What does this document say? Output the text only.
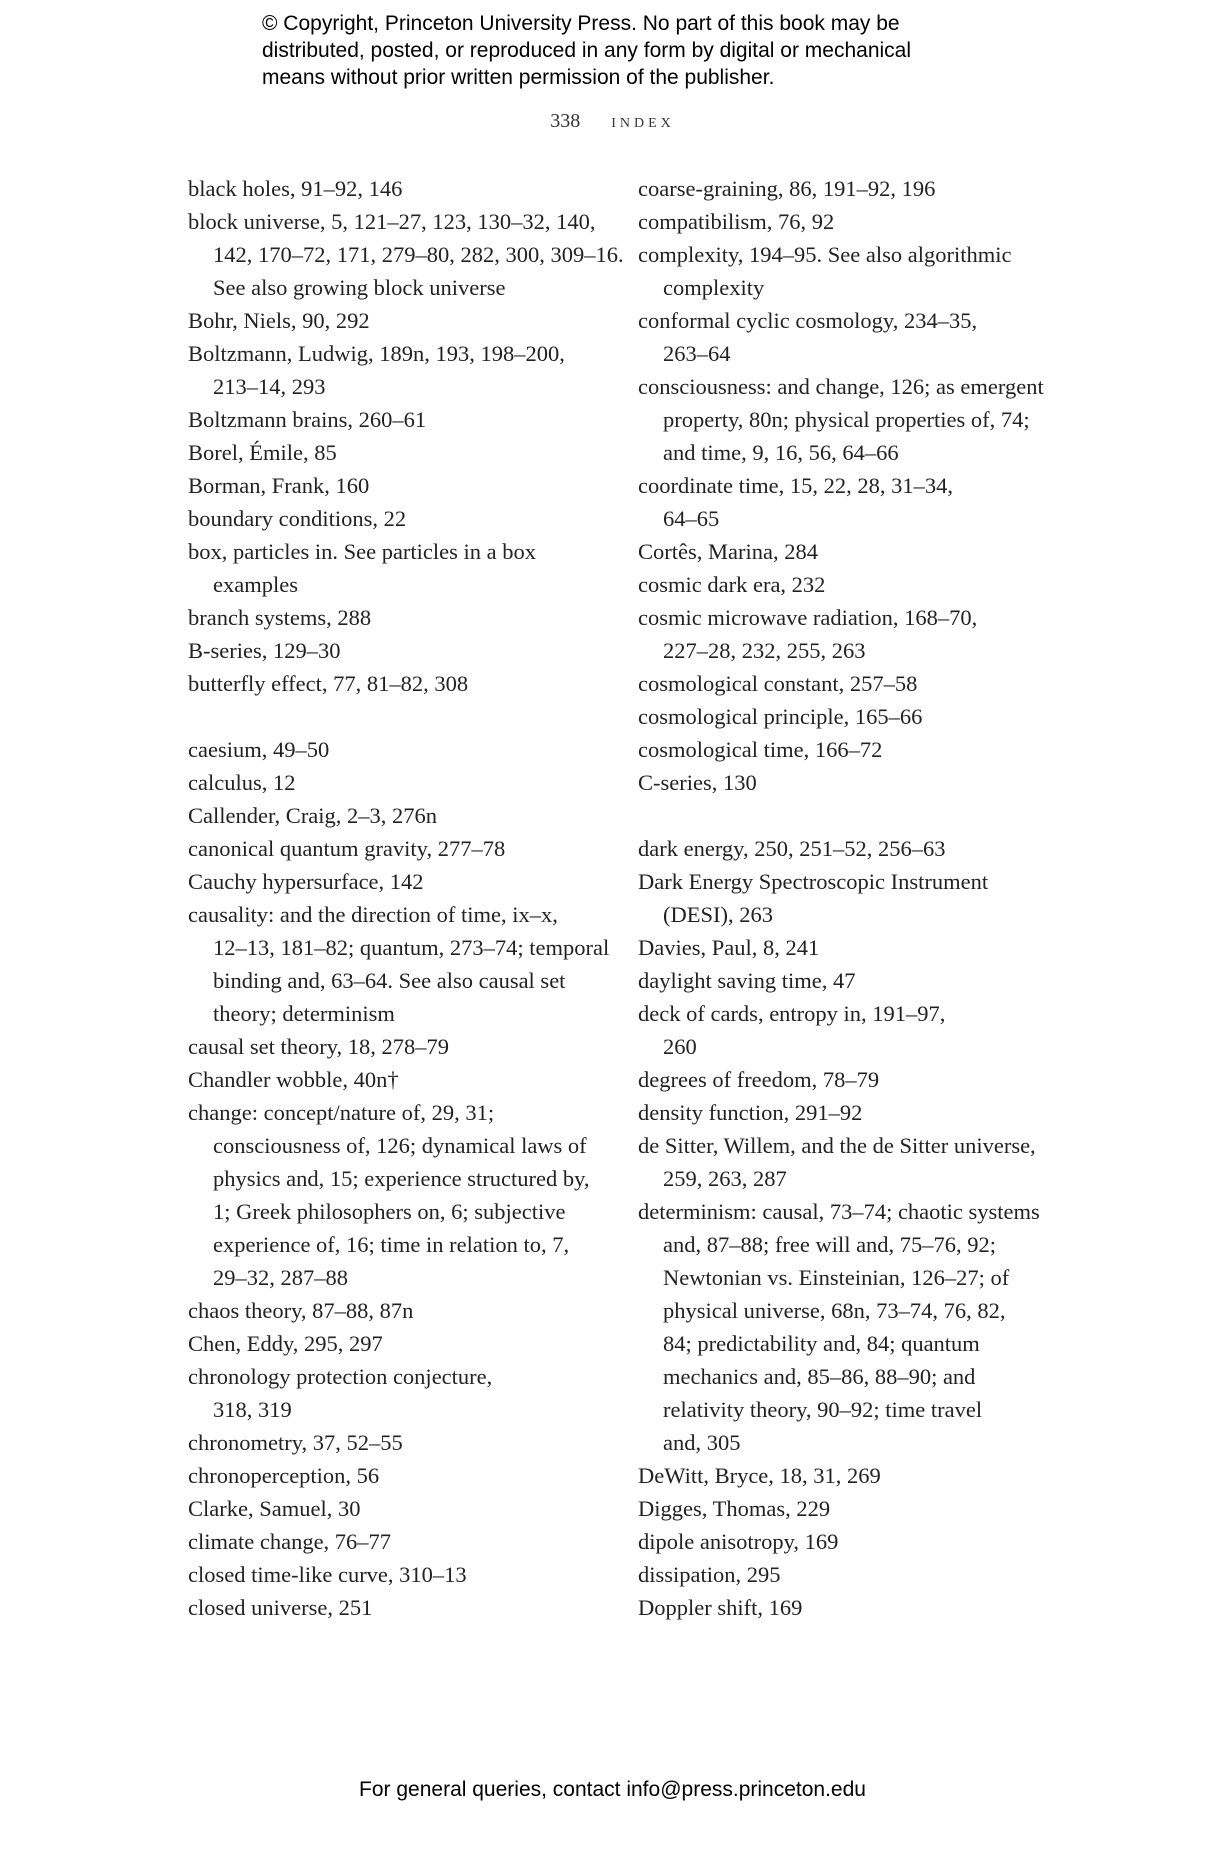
© Copyright, Princeton University Press. No part of this book may be
distributed, posted, or reproduced in any form by digital or mechanical
means without prior written permission of the publisher.
338 index
black holes, 91–92, 146
block universe, 5, 121–27, 123, 130–32, 140,
142, 170–72, 171, 279–80, 282, 300, 309–16.
See also growing block universe
Bohr, Niels, 90, 292
Boltzmann, Ludwig, 189n, 193, 198–200,
213–14, 293
Boltzmann brains, 260–61
Borel, Émile, 85
Borman, Frank, 160
boundary conditions, 22
box, particles in. See particles in a box
examples
branch systems, 288
B-series, 129–30
butterfly effect, 77, 81–82, 308
caesium, 49–50
calculus, 12
Callender, Craig, 2–3, 276n
canonical quantum gravity, 277–78
Cauchy hypersurface, 142
causality: and the direction of time, ix–x,
12–13, 181–82; quantum, 273–74; temporal
binding and, 63–64. See also causal set
theory; determinism
causal set theory, 18, 278–79
Chandler wobble, 40n†
change: concept/nature of, 29, 31;
consciousness of, 126; dynamical laws of
physics and, 15; experience structured by,
1; Greek philosophers on, 6; subjective
experience of, 16; time in relation to, 7,
29–32, 287–88
chaos theory, 87–88, 87n
Chen, Eddy, 295, 297
chronology protection conjecture,
318, 319
chronometry, 37, 52–55
chronoperception, 56
Clarke, Samuel, 30
climate change, 76–77
closed time-like curve, 310–13
closed universe, 251
coarse-graining, 86, 191–92, 196
compatibilism, 76, 92
complexity, 194–95. See also algorithmic
complexity
conformal cyclic cosmology, 234–35,
263–64
consciousness: and change, 126; as emergent
property, 80n; physical properties of, 74;
and time, 9, 16, 56, 64–66
coordinate time, 15, 22, 28, 31–34,
64–65
Cortês, Marina, 284
cosmic dark era, 232
cosmic microwave radiation, 168–70,
227–28, 232, 255, 263
cosmological constant, 257–58
cosmological principle, 165–66
cosmological time, 166–72
C-series, 130
dark energy, 250, 251–52, 256–63
Dark Energy Spectroscopic Instrument
(DESI), 263
Davies, Paul, 8, 241
daylight saving time, 47
deck of cards, entropy in, 191–97,
260
degrees of freedom, 78–79
density function, 291–92
de Sitter, Willem, and the de Sitter universe,
259, 263, 287
determinism: causal, 73–74; chaotic systems
and, 87–88; free will and, 75–76, 92;
Newtonian vs. Einsteinian, 126–27; of
physical universe, 68n, 73–74, 76, 82,
84; predictability and, 84; quantum
mechanics and, 85–86, 88–90; and
relativity theory, 90–92; time travel
and, 305
DeWitt, Bryce, 18, 31, 269
Digges, Thomas, 229
dipole anisotropy, 169
dissipation, 295
Doppler shift, 169
For general queries, contact info@press.princeton.edu
